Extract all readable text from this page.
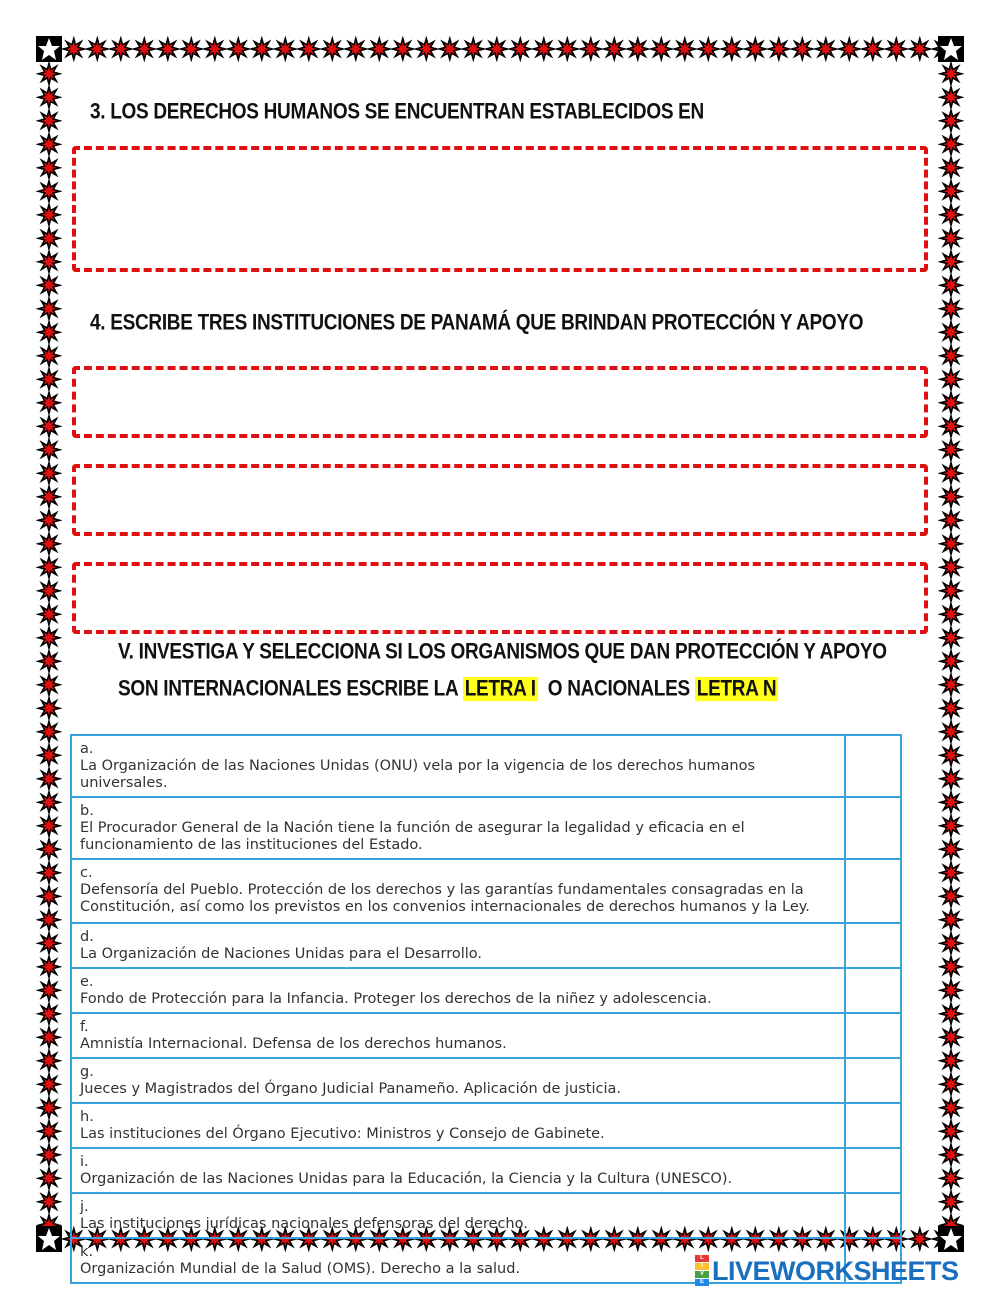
3. LOS DERECHOS HUMANOS SE ENCUENTRAN ESTABLECIDOS EN
4. ESCRIBE TRES INSTITUCIONES DE PANAMÁ QUE BRINDAN PROTECCIÓN Y APOYO
V. INVESTIGA Y SELECCIONA SI LOS ORGANISMOS QUE DAN PROTECCIÓN Y APOYO
SON INTERNACIONALES ESCRIBE LA LETRA I  O NACIONALES LETRA N
a.La Organización de las Naciones Unidas (ONU) vela por la vigencia de los derechos humanos universales.	
b.El Procurador General de la Nación tiene la función de asegurar la legalidad y eficacia en el funcionamiento de las instituciones del Estado.	
c.Defensoría del Pueblo. Protección de los derechos y las garantías fundamentales consagradas en la Constitución, así como los previstos en los convenios internacionales de derechos humanos y la Ley.	
d.La Organización de Naciones Unidas para el Desarrollo.	
e.Fondo de Protección para la Infancia. Proteger los derechos de la niñez y adolescencia.	
f.Amnistía Internacional. Defensa de los derechos humanos.	
g.Jueces y Magistrados del Órgano Judicial Panameño. Aplicación de justicia.	
h.Las instituciones del Órgano Ejecutivo: Ministros y Consejo de Gabinete.	
i.Organización de las Naciones Unidas para la Educación, la Ciencia y la Cultura (UNESCO).	
j.Las instituciones jurídicas nacionales defensoras del derecho.	
k.Organización Mundial de la Salud (OMS). Derecho a la salud.	
L
I
V
E LIVEWORKSHEETS
